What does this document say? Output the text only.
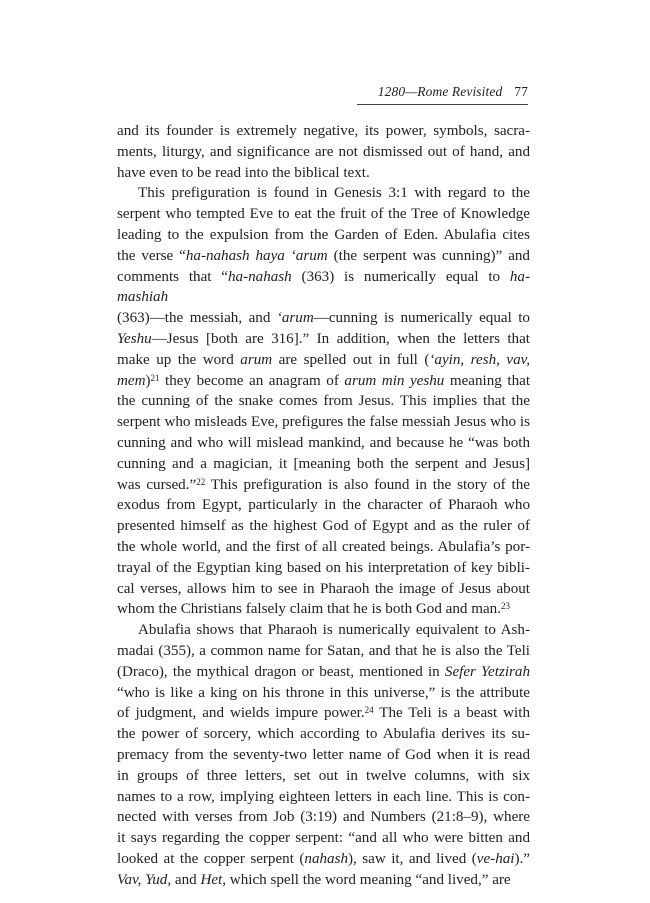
1280—Rome Revisited 77

and its founder is extremely negative, its power, symbols, sacra-
ments, liturgy, and significance are not dismissed out of hand, and
have even to be read into the biblical text.

This prefiguration is found in Genesis 3:1 with regard to the
serpent who tempted Eve to eat the fruit of the Tree of Knowledge
leading to the expulsion from the Garden of Eden. Abulafia cites
the verse “ha-nahash haya ‘arum (the serpent was cunning)” and
comments that “ha-nahash (363) is numerically equal to ha-mashiah
(363)—the messiah, and ‘arum—cunning is numerically equal to
Yeshu—Jesus [both are 316].” In addition, when the letters that
make up the word arum are spelled out in full (‘ayin, resh, vav,
mem)$^{21}$ they become an anagram of arum min yeshu meaning that
the cunning of the snake comes from Jesus. This implies that the
serpent who misleads Eve, prefigures the false messiah Jesus who is
cunning and who will mislead mankind, and because he “was both
cunning and a magician, it [meaning both the serpent and Jesus]
was cursed.”$^{22}$ This prefiguration is also found in the story of the
exodus from Egypt, particularly in the character of Pharaoh who
presented himself as the highest God of Egypt and as the ruler of
the whole world, and the first of all created beings. Abulafia’s por-
trayal of the Egyptian king based on his interpretation of key bibli-
cal verses, allows him to see in Pharaoh the image of Jesus about
whom the Christians falsely claim that he is both God and man.$^{23}$

Abulafia shows that Pharaoh is numerically equivalent to Ash-
madai (355), a common name for Satan, and that he is also the Teli
(Draco), the mythical dragon or beast, mentioned in Sefer Yetzirah
“who is like a king on his throne in this universe,” is the attribute
of judgment, and wields impure power.$^{24}$ The Teli is a beast with
the power of sorcery, which according to Abulafia derives its su-
premacy from the seventy-two letter name of God when it is read
in groups of three letters, set out in twelve columns, with six
names to a row, implying eighteen letters in each line. This is con-
nected with verses from Job (3:19) and Numbers (21:8–9), where
it says regarding the copper serpent: “and all who were bitten and
looked at the copper serpent (nahash), saw it, and lived (ve-hai).”
Vav, Yud, and Het, which spell the word meaning “and lived,” are
